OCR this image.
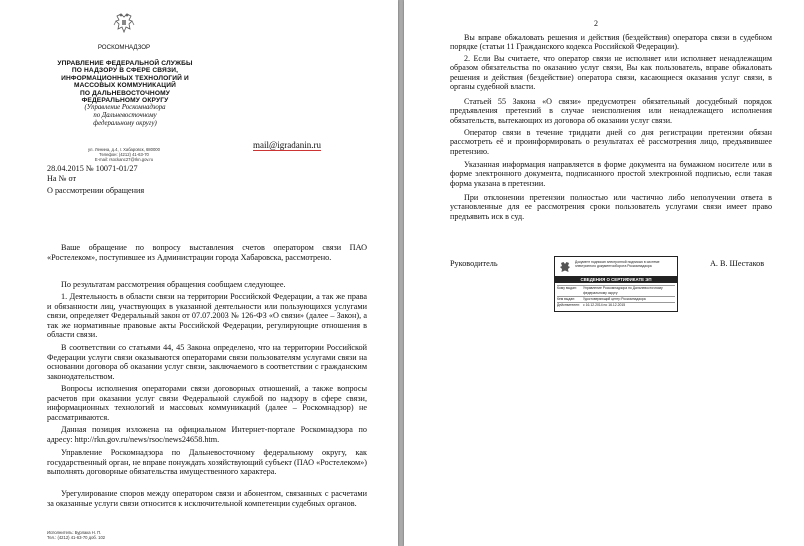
РОСКОМНАДЗОР
УПРАВЛЕНИЕ ФЕДЕРАЛЬНОЙ СЛУЖБЫ
ПО НАДЗОРУ В СФЕРЕ СВЯЗИ,
ИНФОРМАЦИОННЫХ ТЕХНОЛОГИЙ И
МАССОВЫХ КОММУНИКАЦИЙ
ПО ДАЛЬНЕВОСТОЧНОМУ
ФЕДЕРАЛЬНОМУ ОКРУГУ
(Управление Роскомнадзора
по Дальневосточному
федеральному округу)
ул. Ленина, д.4, г. Хабаровск, 680000
Телефон: (4212) 41-63-70
E-mail: rsockanc27@rkn.gov.ru
mail@igradanin.ru
28.04.2015 № 10071-01/27
На № от
О рассмотрении обращения
Ваше обращение по вопросу выставления счетов оператором связи ПАО «Ростелеком», поступившее из Администрации города Хабаровска, рассмотрено.
По результатам рассмотрения обращения сообщаем следующее.
1. Деятельность в области связи на территории Российской Федерации, а так же права и обязанности лиц, участвующих в указанной деятельности или пользующихся услугами связи, определяет Федеральный закон от 07.07.2003 № 126-ФЗ «О связи» (далее – Закон), а так же нормативные правовые акты Российской Федерации, регулирующие отношения в области связи.
В соответствии со статьями 44, 45 Закона определено, что на территории Российской Федерации услуги связи оказываются операторами связи пользователям услугами связи на основании договора об оказании услуг связи, заключаемого в соответствии с гражданским законодательством.
Вопросы исполнения операторами связи договорных отношений, а также вопросы расчетов при оказании услуг связи Федеральной службой по надзору в сфере связи, информационных технологий и массовых коммуникаций (далее – Роскомнадзор) не рассматриваются.
Данная позиция изложена на официальном Интернет-портале Роскомнадзора по адресу: http://rkn.gov.ru/news/rsoc/news24658.htm.
Управление Роскомнадзора по Дальневосточному федеральному округу, как государственный орган, не вправе понуждать хозяйствующий субъект (ПАО «Ростелеком») выполнять договорные обязательства имущественного характера.
Урегулирование споров между оператором связи и абонентом, связанных с расчетами за оказанные услуги связи относится к исключительной компетенции судебных органов.
Исполнитель: Бурлака Н. П.
Тел.: (4212) 41-63-70 доб. 102
2
Вы вправе обжаловать решения и действия (бездействия) оператора связи в судебном порядке (статьи 11 Гражданского кодекса Российской Федерации).
2. Если Вы считаете, что оператор связи не исполняет или исполняет ненадлежащим образом обязательства по оказанию услуг связи, Вы как пользователь, вправе обжаловать решения и действия (бездействие) оператора связи, касающиеся оказания услуг связи, в органы судебной власти.
Статьей 55 Закона «О связи» предусмотрен обязательный досудебный порядок предъявления претензий в случае неисполнения или ненадлежащего исполнения обязательств, вытекающих из договора об оказании услуг связи.
Оператор связи в течение тридцати дней со дня регистрации претензии обязан рассмотреть её и проинформировать о результатах её рассмотрения лицо, предъявившее претензию.
Указанная информация направляется в форме документа на бумажном носителе или в форме электронного документа, подписанного простой электронной подписью, если такая форма указана в претензии.
При отклонении претензии полностью или частично либо неполучении ответа в установленные для ее рассмотрения сроки пользователь услугами связи имеет право предъявить иск в суд.
Руководитель	А. В. Шестаков
Документ подписан электронной подписью в системе электронного документооборота Роскомнадзора
СВЕДЕНИЯ О СЕРТИФИКАТЕ ЭП
Кому выдан:	Управление Роскомнадзора по Дальневосточному федеральному округу
Кем выдан:	Удостоверяющий центр Роскомнадзора
Действителен: с 16.12.2014 по 16.12.2015
